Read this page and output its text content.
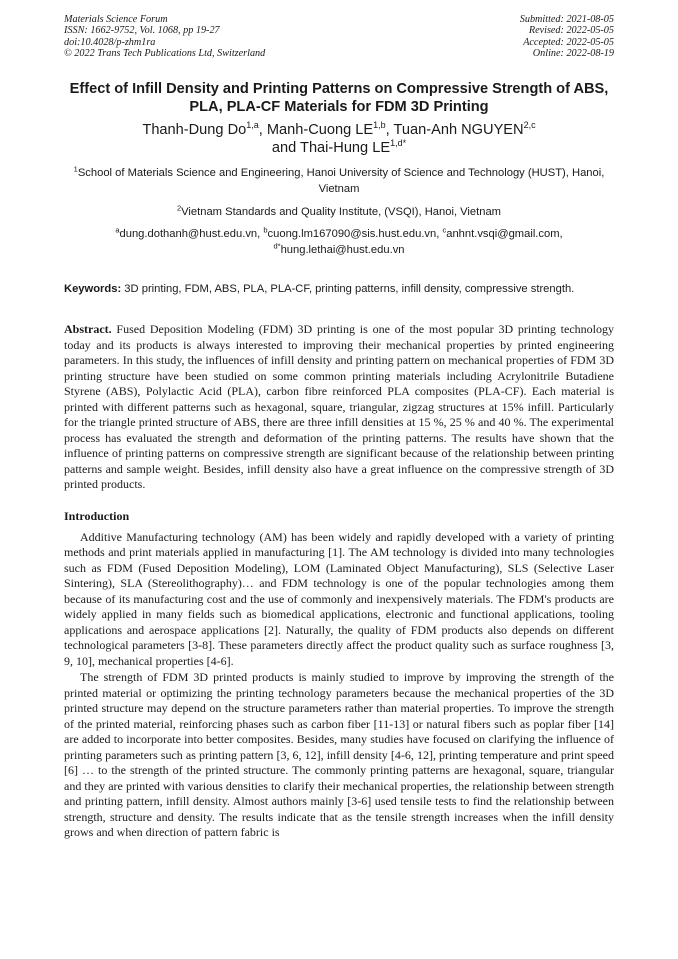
Materials Science Forum
ISSN: 1662-9752, Vol. 1068, pp 19-27
doi:10.4028/p-zhm1ra
© 2022 Trans Tech Publications Ltd, Switzerland
Submitted: 2021-08-05
Revised: 2022-05-05
Accepted: 2022-05-05
Online: 2022-08-19
Effect of Infill Density and Printing Patterns on Compressive Strength of ABS, PLA, PLA-CF Materials for FDM 3D Printing
Thanh-Dung Do$^{1,a}$, Manh-Cuong LE$^{1,b}$, Tuan-Anh NGUYEN$^{2,c}$
and Thai-Hung $LE^{1,d*}$
$^1$School of Materials Science and Engineering, Hanoi University of Science and Technology (HUST), Hanoi, Vietnam
$^2$Vietnam Standards and Quality Institute, (VSQI), Hanoi, Vietnam
$^a$dung.dothanh@hust.edu.vn, $^b$cuong.lm167090@sis.hust.edu.vn, $^c$anhnt.vsqi@gmail.com,
$^{d*}$hung.lethai@hust.edu.vn
Keywords: 3D printing, FDM, ABS, PLA, PLA-CF, printing patterns, infill density, compressive strength.
Abstract. Fused Deposition Modeling (FDM) 3D printing is one of the most popular 3D printing technology today and its products is always interested to improving their mechanical properties by printed engineering parameters. In this study, the influences of infill density and printing pattern on mechanical properties of FDM 3D printing structure have been studied on some common printing materials including Acrylonitrile Butadiene Styrene (ABS), Polylactic Acid (PLA), carbon fibre reinforced PLA composites (PLA-CF). Each material is printed with different patterns such as hexagonal, square, triangular, zigzag structures at 15% infill. Particularly for the triangle printed structure of ABS, there are three infill densities at 15 %, 25 % and 40 %. The experimental process has evaluated the strength and deformation of the printing patterns. The results have shown that the influence of printing patterns on compressive strength are significant because of the relationship between printing patterns and sample weight. Besides, infill density also have a great influence on the compressive strength of 3D printed products.
Introduction
Additive Manufacturing technology (AM) has been widely and rapidly developed with a variety of printing methods and print materials applied in manufacturing [1]. The AM technology is divided into many technologies such as FDM (Fused Deposition Modeling), LOM (Laminated Object Manufacturing), SLS (Selective Laser Sintering), SLA (Stereolithography)… and FDM technology is one of the popular technologies among them because of its manufacturing cost and the use of commonly and inexpensively materials. The FDM's products are widely applied in many fields such as biomedical applications, electronic and functional applications, tooling applications and aerospace applications [2]. Naturally, the quality of FDM products also depends on different technological parameters [3-8]. These parameters directly affect the product quality such as surface roughness [3, 9, 10], mechanical properties [4-6].
The strength of FDM 3D printed products is mainly studied to improve by improving the strength of the printed material or optimizing the printing technology parameters because the mechanical properties of the 3D printed structure may depend on the structure parameters rather than material properties. To improve the strength of the printed material, reinforcing phases such as carbon fiber [11-13] or natural fibers such as poplar fiber [14] are added to incorporate into better composites. Besides, many studies have focused on clarifying the influence of printing parameters such as printing pattern [3, 6, 12], infill density [4-6, 12], printing temperature and print speed [6] … to the strength of the printed structure. The commonly printing patterns are hexagonal, square, triangular and they are printed with various densities to clarify their mechanical properties, the relationship between strength and printing pattern, infill density. Almost authors mainly [3-6] used tensile tests to find the relationship between strength, structure and density. The results indicate that as the tensile strength increases when the infill density grows and when direction of pattern fabric is
